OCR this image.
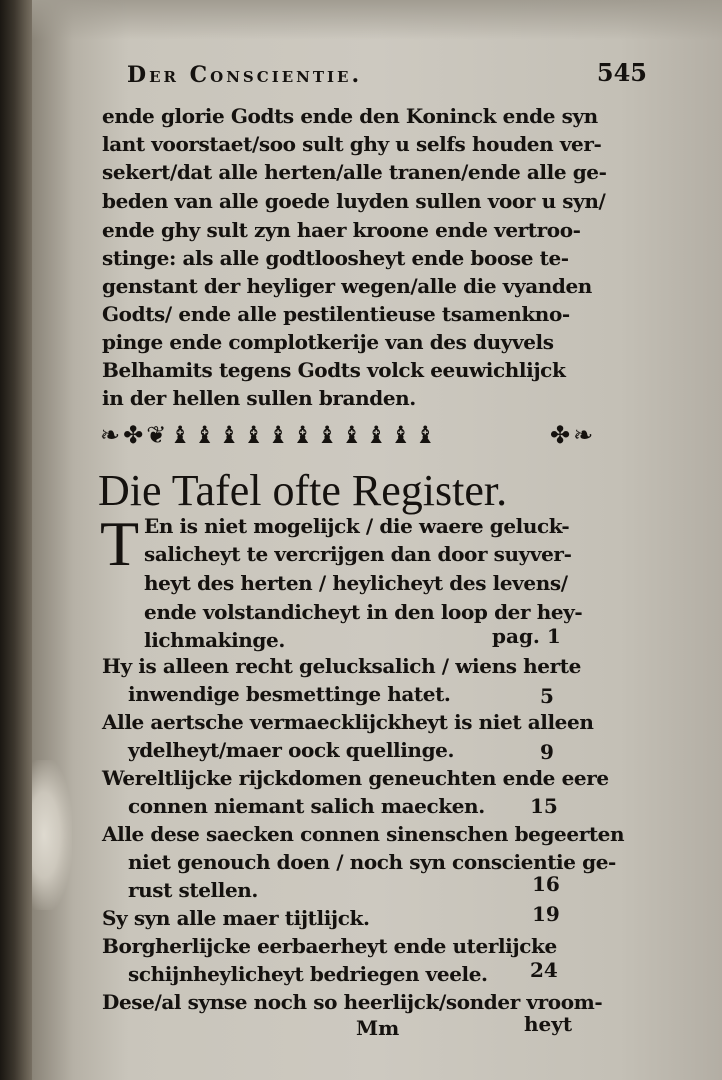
Der Conscientie.	545
ende glorie Godts ende den Koninck ende syn
lant voorstaet/soo sult ghy u selfs houden ver-
sekert/dat alle herten/alle tranen/ende alle ge-
beden van alle goede luyden sullen voor u syn/
ende ghy sult zyn haer kroone ende vertroo-
stinge: als alle godtloosheyt ende boose te-
genstant der heyliger wegen/alle die vyanden
Godts/ ende alle pestilentieuse tsamenkno-
pinge ende complotkerije van des duyvels
Belhamits tegens Godts volck eeuwichlijck
in der hellen sullen branden.
❧✤❦♝♝♝♝♝♝♝♝♝♝♝	✤❧
Die Tafel ofte Register.
T En is niet mogelijck / die waere geluck-
salicheyt te vercrijgen dan door suyver-
heyt des herten / heylicheyt des levens/
ende volstandicheyt in den loop der hey-
lichmakinge.	pag. 1
Hy is alleen recht gelucksalich / wiens herte
inwendige besmettinge hatet.	5
Alle aertsche vermaecklijckheyt is niet alleen
ydelheyt/maer oock quellinge.	9
Wereltlijcke rijckdomen geneuchten ende eere
connen niemant salich maecken. 15
Alle dese saecken connen sinenschen begeerten
niet genouch doen / noch syn conscientie ge-
rust stellen.	16
Sy syn alle maer tijtlijck.	19
Borgherlijcke eerbaerheyt ende uterlijcke
schijnheylicheyt bedriegen veele. 24
Dese/al synse noch so heerlijck/sonder vroom-
Mm	heyt
